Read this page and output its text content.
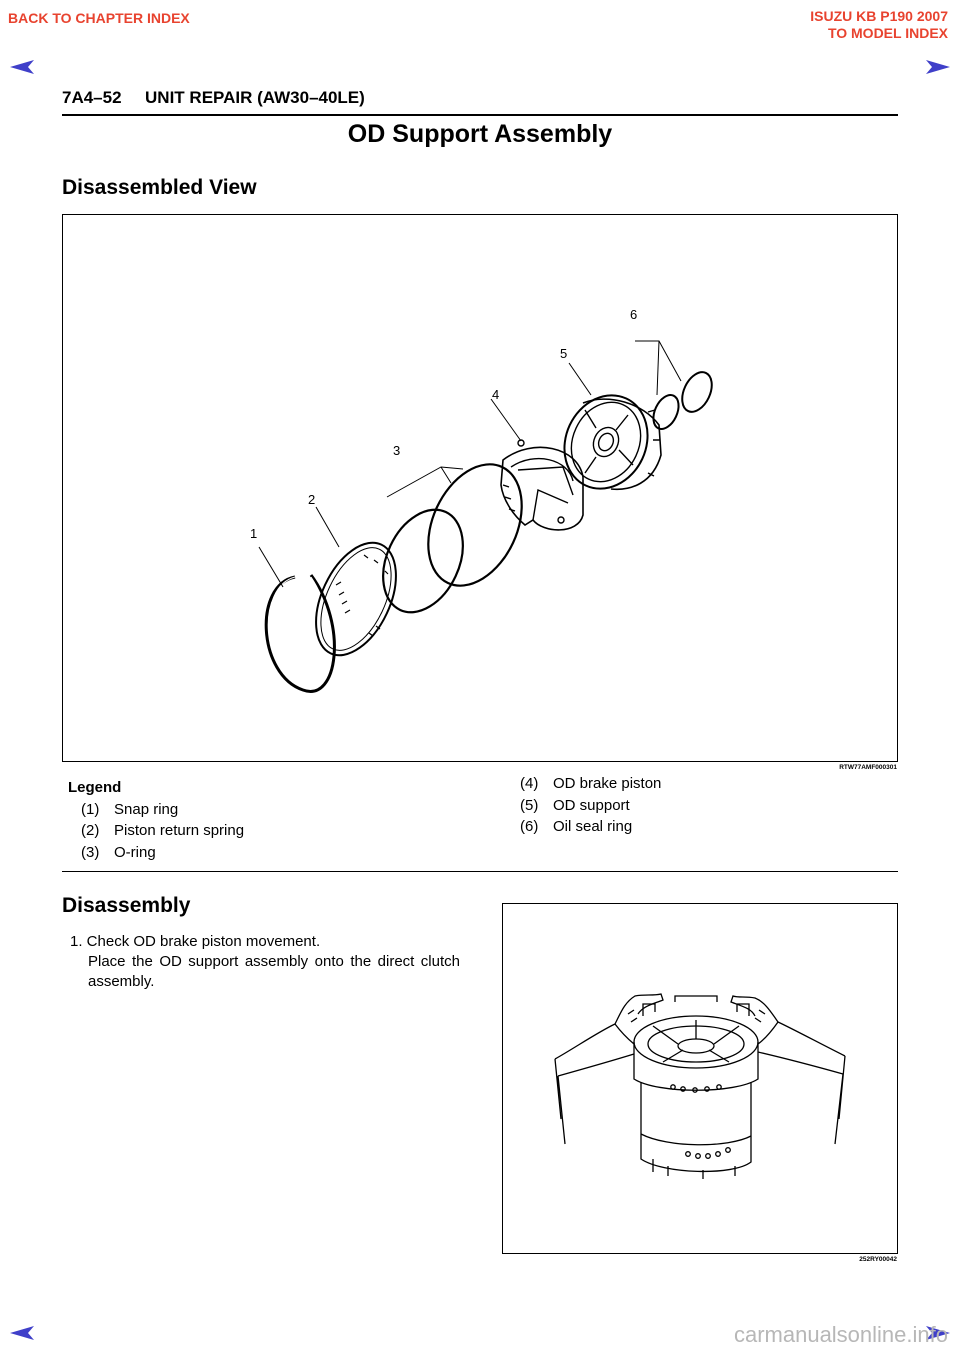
BACK TO CHAPTER INDEX	ISUZU KB P190 2007
TO MODEL INDEX
7A4–52 UNIT REPAIR (AW30–40LE)
OD Support Assembly
Disassembled View
1
2
3
4
5
6
RTW77AMF000301
Legend
(1) Snap ring
(2) Piston return spring
(3) O-ring
(4) OD brake piston
(5) OD support
(6) Oil seal ring
Disassembly
1. Check OD brake piston movement.
Place the OD support assembly onto the direct clutch assembly.
252RY00042
carmanualsonline.info
